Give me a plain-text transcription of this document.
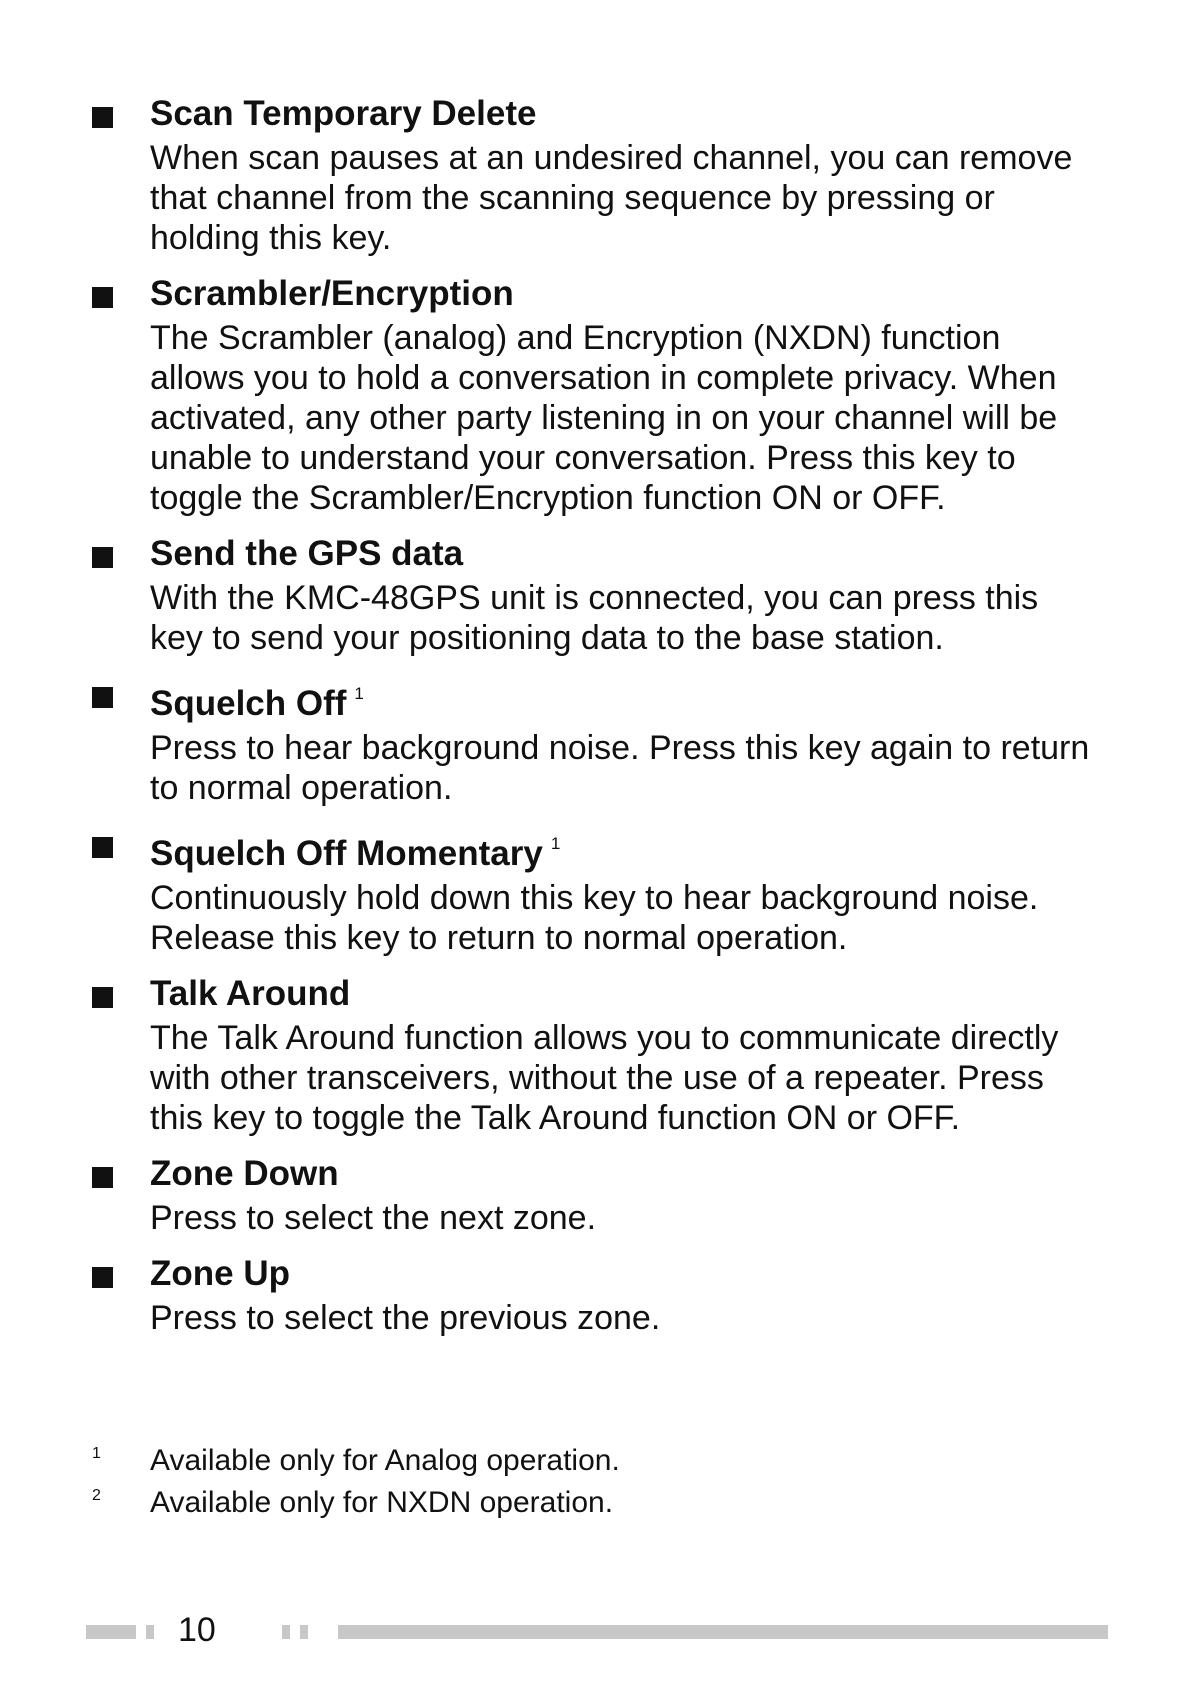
Scan Temporary Delete
When scan pauses at an undesired channel, you can remove that channel from the scanning sequence by pressing or holding this key.
Scrambler/Encryption
The Scrambler (analog) and Encryption (NXDN) function allows you to hold a conversation in complete privacy. When activated, any other party listening in on your channel will be unable to understand your conversation. Press this key to toggle the Scrambler/Encryption function ON or OFF.
Send the GPS data
With the KMC-48GPS unit is connected, you can press this key to send your positioning data to the base station.
Squelch Off $^1$
Press to hear background noise. Press this key again to return to normal operation.
Squelch Off Momentary $^1$
Continuously hold down this key to hear background noise. Release this key to return to normal operation.
Talk Around
The Talk Around function allows you to communicate directly with other transceivers, without the use of a repeater. Press this key to toggle the Talk Around function ON or OFF.
Zone Down
Press to select the next zone.
Zone Up
Press to select the previous zone.
1 Available only for Analog operation.
2 Available only for NXDN operation.
10
